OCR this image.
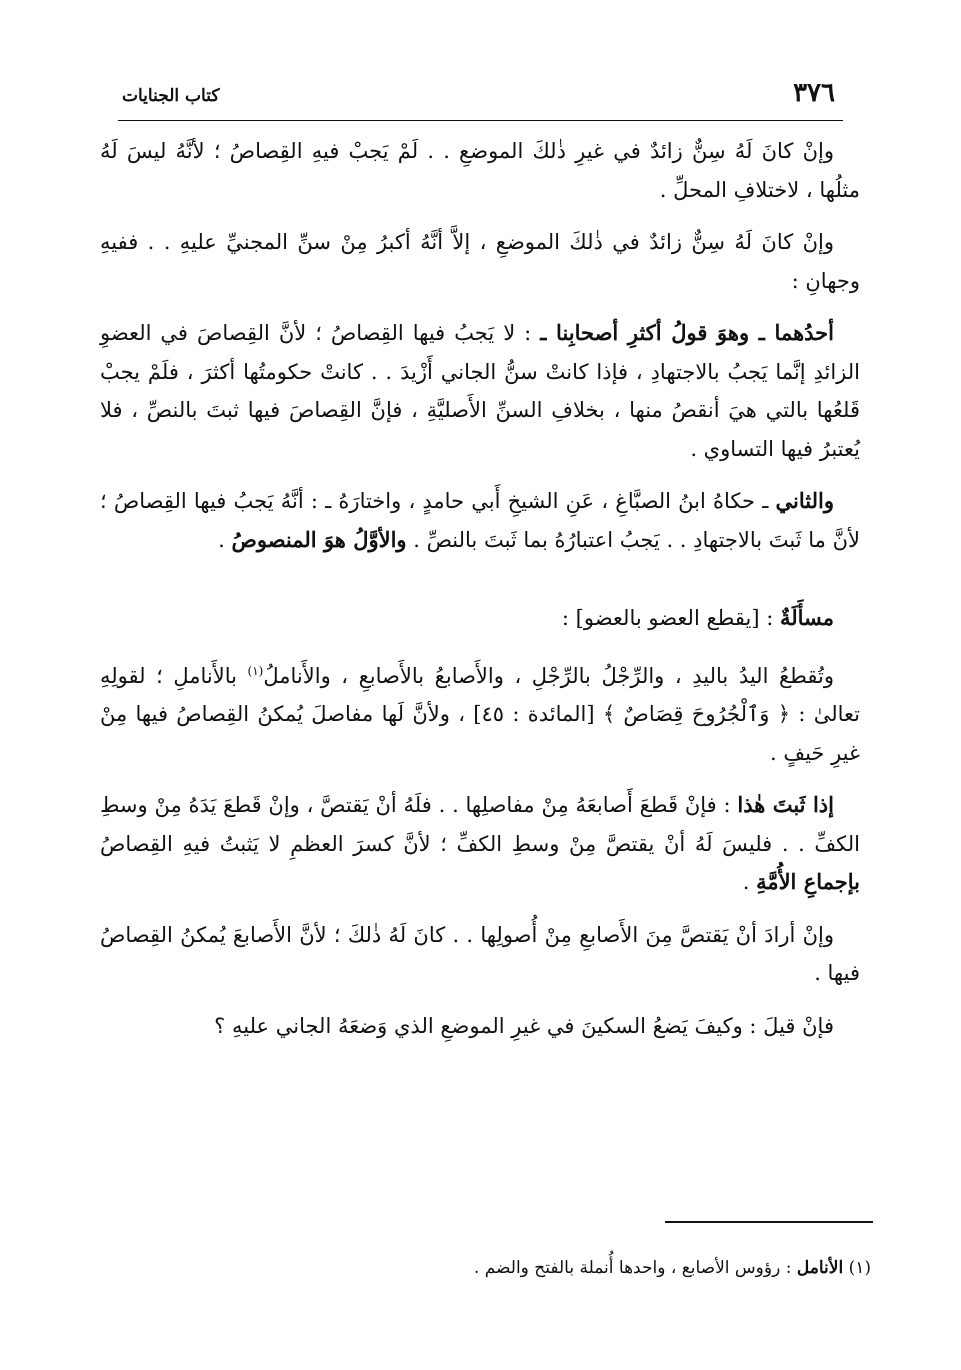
٣٧٦
كتاب الجنايات

وإنْ كانَ لَهُ سِنٌّ زائدٌ في غيرِ ذٰلكَ الموضعِ . . لَمْ يَجبْ فيهِ القِصاصُ ؛ لأنَّهُ ليسَ لَهُ مثلُها ، لاختلافِ المحلِّ .

وإنْ كانَ لَهُ سِنٌّ زائدٌ في ذٰلكَ الموضعِ ، إلاَّ أنَّهُ أكبرُ مِنْ سنِّ المجنيِّ عليهِ . . ففيهِ وجهانِ :

أحدُهما ـ وهوَ قولُ أكثرِ أصحابِنا ـ : لا يَجبُ فيها القِصاصُ ؛ لأنَّ القِصاصَ في العضوِ الزائدِ إنَّما يَجبُ بالاجتهادِ ، فإذا كانتْ سنُّ الجاني أَزْيدَ . . كانتْ حكومتُها أكثرَ ، فلَمْ يجبْ قَلعُها بالتي هيَ أنقصُ منها ، بخلافِ السنِّ الأَصليَّةِ ، فإنَّ القِصاصَ فيها ثبتَ بالنصِّ ، فلا يُعتبرُ فيها التساوي .

والثاني ـ حكاهُ ابنُ الصبَّاغِ ، عَنِ الشيخِ أَبي حامدٍ ، واختارَهُ ـ : أنَّهُ يَجبُ فيها القِصاصُ ؛ لأنَّ ما ثَبتَ بالاجتهادِ . . يَجبُ اعتبارُهُ بما ثَبتَ بالنصِّ . والأوَّلُ هوَ المنصوصُ .

مسأَلَةٌ : [يقطع العضو بالعضو] :

وتُقطعُ اليدُ باليدِ ، والرِّجْلُ بالرِّجْلِ ، والأَصابعُ بالأَصابعِ ، والأَناملُ$^{(١)}$ بالأَناملِ ؛ لقولِهِ تعالىٰ : ﴿ وَٱلْجُرُوحَ قِصَاصٌ ﴾ [المائدة : ٤٥] ، ولأنَّ لَها مفاصلَ يُمكنُ القِصاصُ فيها مِنْ غيرِ حَيفٍ .

إذا ثَبتَ هٰذا : فإنْ قَطعَ أَصابعَهُ مِنْ مفاصلِها . . فلَهُ أنْ يَقتصَّ ، وإنْ قَطعَ يَدَهُ مِنْ وسطِ الكفِّ . . فليسَ لَهُ أنْ يقتصَّ مِنْ وسطِ الكفِّ ؛ لأنَّ كسرَ العظمِ لا يَثبتُ فيهِ القِصاصُ بإجماعِ الأُمَّةِ .

وإنْ أرادَ أنْ يَقتصَّ مِنَ الأَصابعِ مِنْ أُصولِها . . كانَ لَهُ ذٰلكَ ؛ لأنَّ الأَصابعَ يُمكنُ القِصاصُ فيها .

فإنْ قيلَ : وكيفَ يَضعُ السكينَ في غيرِ الموضعِ الذي وَضعَهُ الجاني عليهِ ؟

(١) الأنامل : رؤوس الأصابع ، واحدها أُنملة بالفتح والضم .
